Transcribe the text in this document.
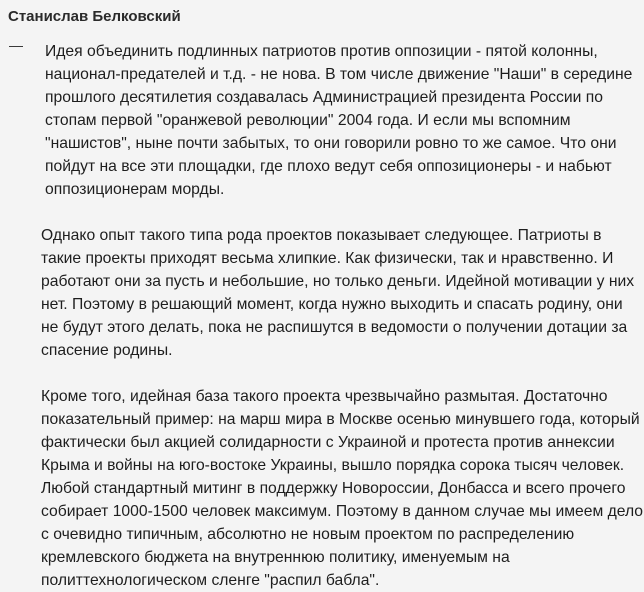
Станислав Белковский

Идея объединить подлинных патриотов против оппозиции - пятой колонны, национал-предателей и т.д. - не нова. В том числе движение "Наши" в середине прошлого десятилетия создавалась Администрацией президента России по стопам первой "оранжевой революции" 2004 года. И если мы вспомним "нашистов", ныне почти забытых, то они говорили ровно то же самое. Что они пойдут на все эти площадки, где плохо ведут себя оппозиционеры - и набьют оппозиционерам морды.

Однако опыт такого типа рода проектов показывает следующее. Патриоты в такие проекты приходят весьма хлипкие. Как физически, так и нравственно. И работают они за пусть и небольшие, но только деньги. Идейной мотивации у них нет. Поэтому в решающий момент, когда нужно выходить и спасать родину, они не будут этого делать, пока не распишутся в ведомости о получении дотации за спасение родины.

Кроме того, идейная база такого проекта чрезвычайно размытая. Достаточно показательный пример: на марш мира в Москве осенью минувшего года, который фактически был акцией солидарности с Украиной и протеста против аннексии Крыма и войны на юго-востоке Украины, вышло порядка сорока тысяч человек. Любой стандартный митинг в поддержку Новороссии, Донбасса и всего прочего собирает 1000-1500 человек максимум. Поэтому в данном случае мы имеем дело с очевидно типичным, абсолютно не новым проектом по распределению кремлевского бюджета на внутреннюю политику, именуемым на политтехнологическом сленге "распил бабла".
